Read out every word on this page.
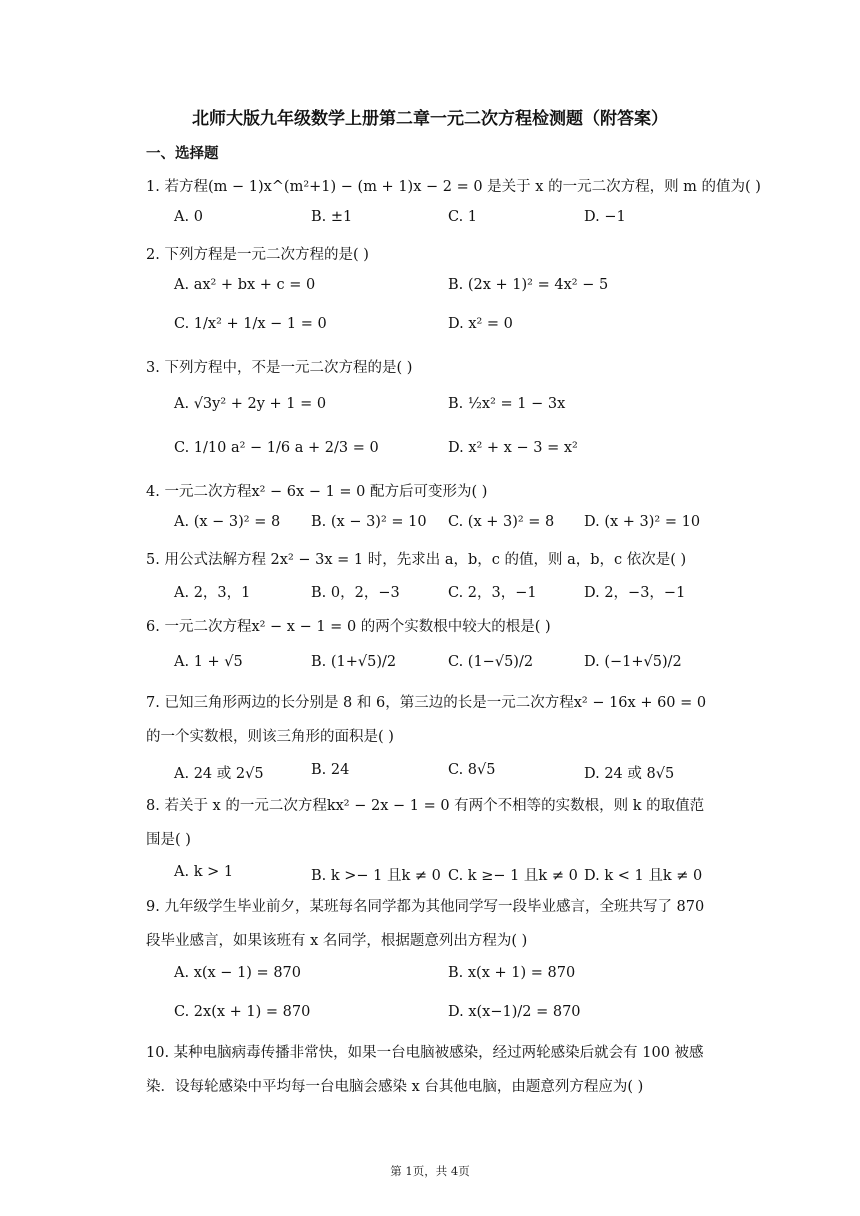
北师大版九年级数学上册第二章一元二次方程检测题（附答案）
一、选择题
1. 若方程(m − 1)x^(m²+1) − (m + 1)x − 2 = 0 是关于 x 的一元二次方程，则 m 的值为( )
A. 0	B. ±1	C. 1	D. −1
2. 下列方程是一元二次方程的是( )
A. ax² + bx + c = 0	B. (2x + 1)² = 4x² − 5
C. 1/x² + 1/x − 1 = 0	D. x² = 0
3. 下列方程中，不是一元二次方程的是( )
A. √3y² + 2y + 1 = 0	B. ½x² = 1 − 3x
C. 1/10 a² − 1/6 a + 2/3 = 0	D. x² + x − 3 = x²
4. 一元二次方程x² − 6x − 1 = 0 配方后可变形为( )
A. (x − 3)² = 8 B. (x − 3)² = 10 C. (x + 3)² = 8 D. (x + 3)² = 10
5. 用公式法解方程 2x² − 3x = 1 时，先求出 a，b，c 的值，则 a，b，c 依次是( )
A. 2，3，1	B. 0，2，−3	C. 2，3，−1	D. 2，−3，−1
6. 一元二次方程x² − x − 1 = 0 的两个实数根中较大的根是( )
A. 1 + √5	B. (1+√5)/2	C. (1−√5)/2	D. (−1+√5)/2
7. 已知三角形两边的长分别是 8 和 6，第三边的长是一元二次方程x² − 16x + 60 = 0 的一个实数根，则该三角形的面积是( )
A. 24 或 2√5	B. 24	C. 8√5	D. 24 或 8√5
8. 若关于 x 的一元二次方程kx² − 2x − 1 = 0 有两个不相等的实数根，则 k 的取值范围是( )
A. k > 1	B. k >− 1 且k ≠ 0 C. k ≥− 1 且k ≠ 0 D. k < 1 且k ≠ 0
9. 九年级学生毕业前夕，某班每名同学都为其他同学写一段毕业感言，全班共写了 870 段毕业感言，如果该班有 x 名同学，根据题意列出方程为( )
A. x(x − 1) = 870	B. x(x + 1) = 870
C. 2x(x + 1) = 870	D. x(x−1)/2 = 870
10. 某种电脑病毒传播非常快，如果一台电脑被感染，经过两轮感染后就会有 100 被感染．设每轮感染中平均每一台电脑会感染 x 台其他电脑，由题意列方程应为( )
第 1页，共 4页
